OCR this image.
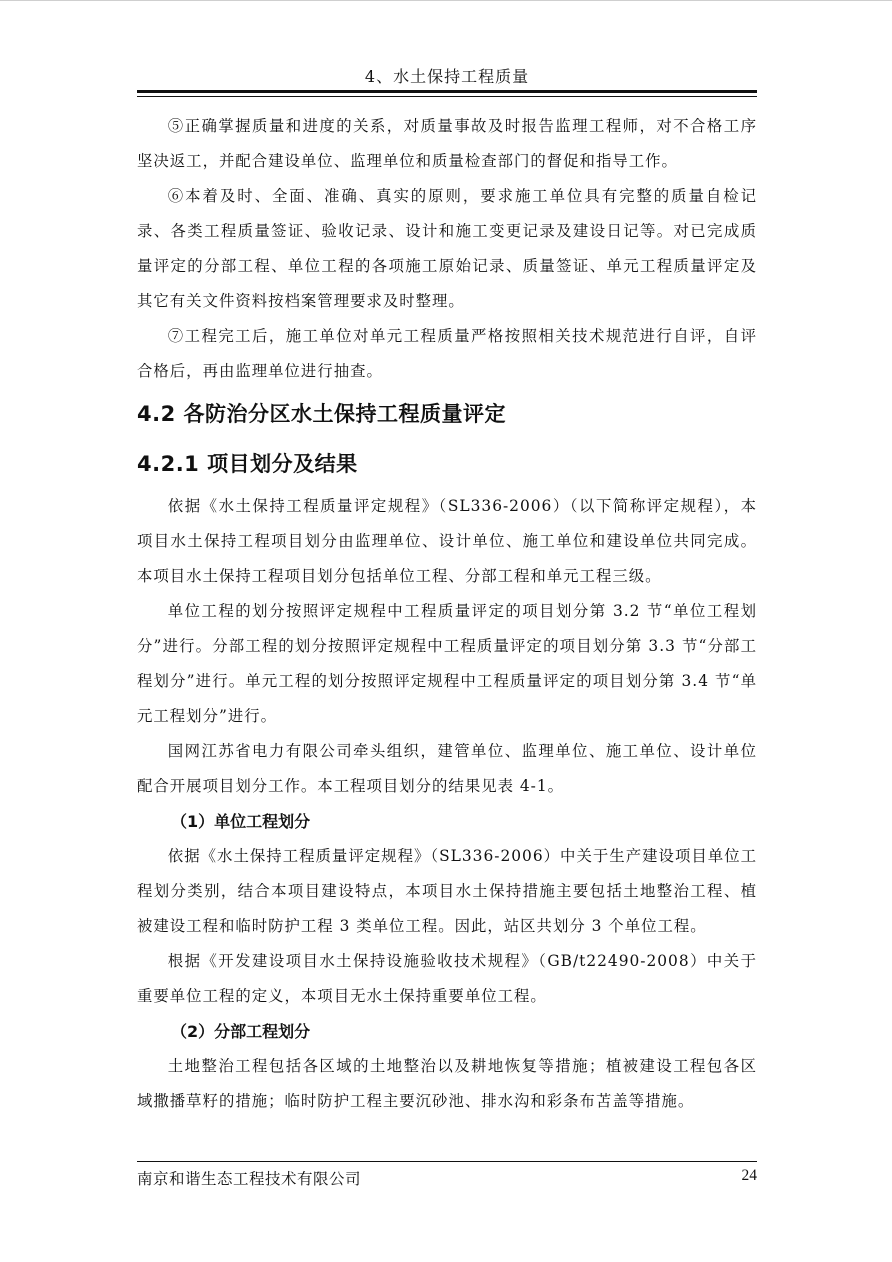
4、水土保持工程质量

⑤正确掌握质量和进度的关系，对质量事故及时报告监理工程师，对不合格工序坚决返工，并配合建设单位、监理单位和质量检查部门的督促和指导工作。

⑥本着及时、全面、准确、真实的原则，要求施工单位具有完整的质量自检记录、各类工程质量签证、验收记录、设计和施工变更记录及建设日记等。对已完成质量评定的分部工程、单位工程的各项施工原始记录、质量签证、单元工程质量评定及其它有关文件资料按档案管理要求及时整理。

⑦工程完工后，施工单位对单元工程质量严格按照相关技术规范进行自评，自评合格后，再由监理单位进行抽查。

4.2 各防治分区水土保持工程质量评定
4.2.1 项目划分及结果

依据《水土保持工程质量评定规程》（SL336-2006）（以下简称评定规程），本项目水土保持工程项目划分由监理单位、设计单位、施工单位和建设单位共同完成。本项目水土保持工程项目划分包括单位工程、分部工程和单元工程三级。

单位工程的划分按照评定规程中工程质量评定的项目划分第 3.2 节“单位工程划分”进行。分部工程的划分按照评定规程中工程质量评定的项目划分第 3.3 节“分部工程划分”进行。单元工程的划分按照评定规程中工程质量评定的项目划分第 3.4 节“单元工程划分”进行。

国网江苏省电力有限公司牵头组织，建管单位、监理单位、施工单位、设计单位配合开展项目划分工作。本工程项目划分的结果见表 4-1。

（1）单位工程划分

依据《水土保持工程质量评定规程》（SL336-2006）中关于生产建设项目单位工程划分类别，结合本项目建设特点，本项目水土保持措施主要包括土地整治工程、植被建设工程和临时防护工程 3 类单位工程。因此，站区共划分 3 个单位工程。

根据《开发建设项目水土保持设施验收技术规程》（GB/t22490-2008）中关于重要单位工程的定义，本项目无水土保持重要单位工程。

（2）分部工程划分

土地整治工程包括各区域的土地整治以及耕地恢复等措施；植被建设工程包各区域撒播草籽的措施；临时防护工程主要沉砂池、排水沟和彩条布苫盖等措施。

南京和谐生态工程技术有限公司	24
